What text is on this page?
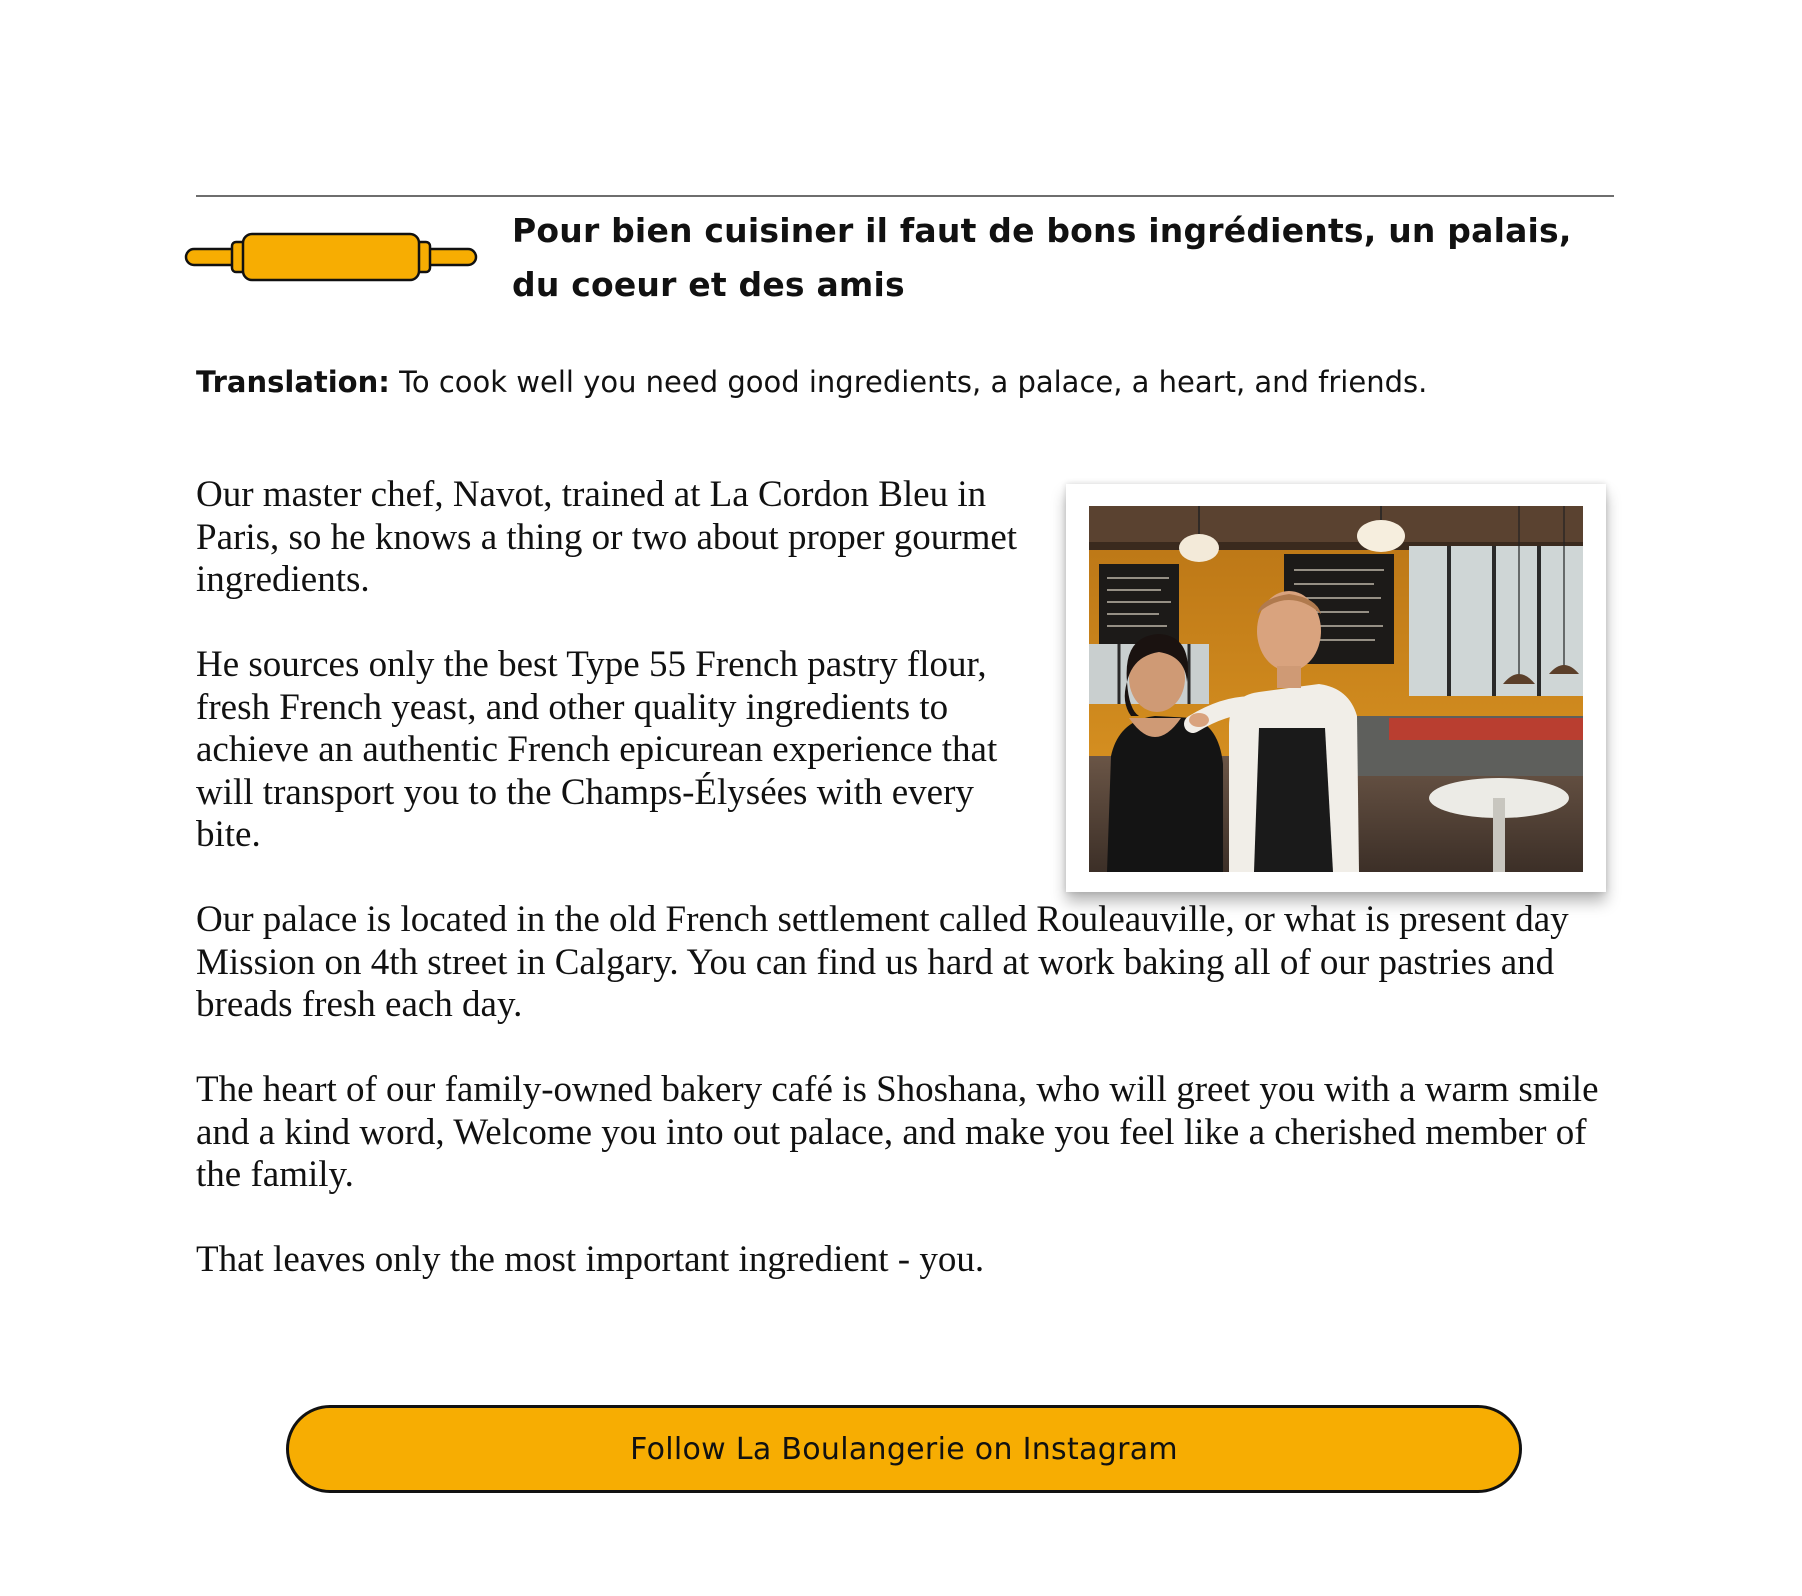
Pour bien cuisiner il faut de bons ingrédients, un palais,
du coeur et des amis

Translation: To cook well you need good ingredients, a palace, a heart, and friends.

Our master chef, Navot, trained at La Cordon Bleu in Paris, so he knows a thing or two about proper gourmet ingredients.

He sources only the best Type 55 French pastry flour, fresh French yeast, and other quality ingredients to achieve an authentic French epicurean experience that will transport you to the Champs-Élysées with every bite.

Our palace is located in the old French settlement called Rouleauville, or what is present day Mission on 4th street in Calgary. You can find us hard at work baking all of our pastries and breads fresh each day.

The heart of our family-owned bakery café is Shoshana, who will greet you with a warm smile and a kind word, Welcome you into out palace, and make you feel like a cherished member of the family.

That leaves only the most important ingredient - you.

Follow La Boulangerie on Instagram
